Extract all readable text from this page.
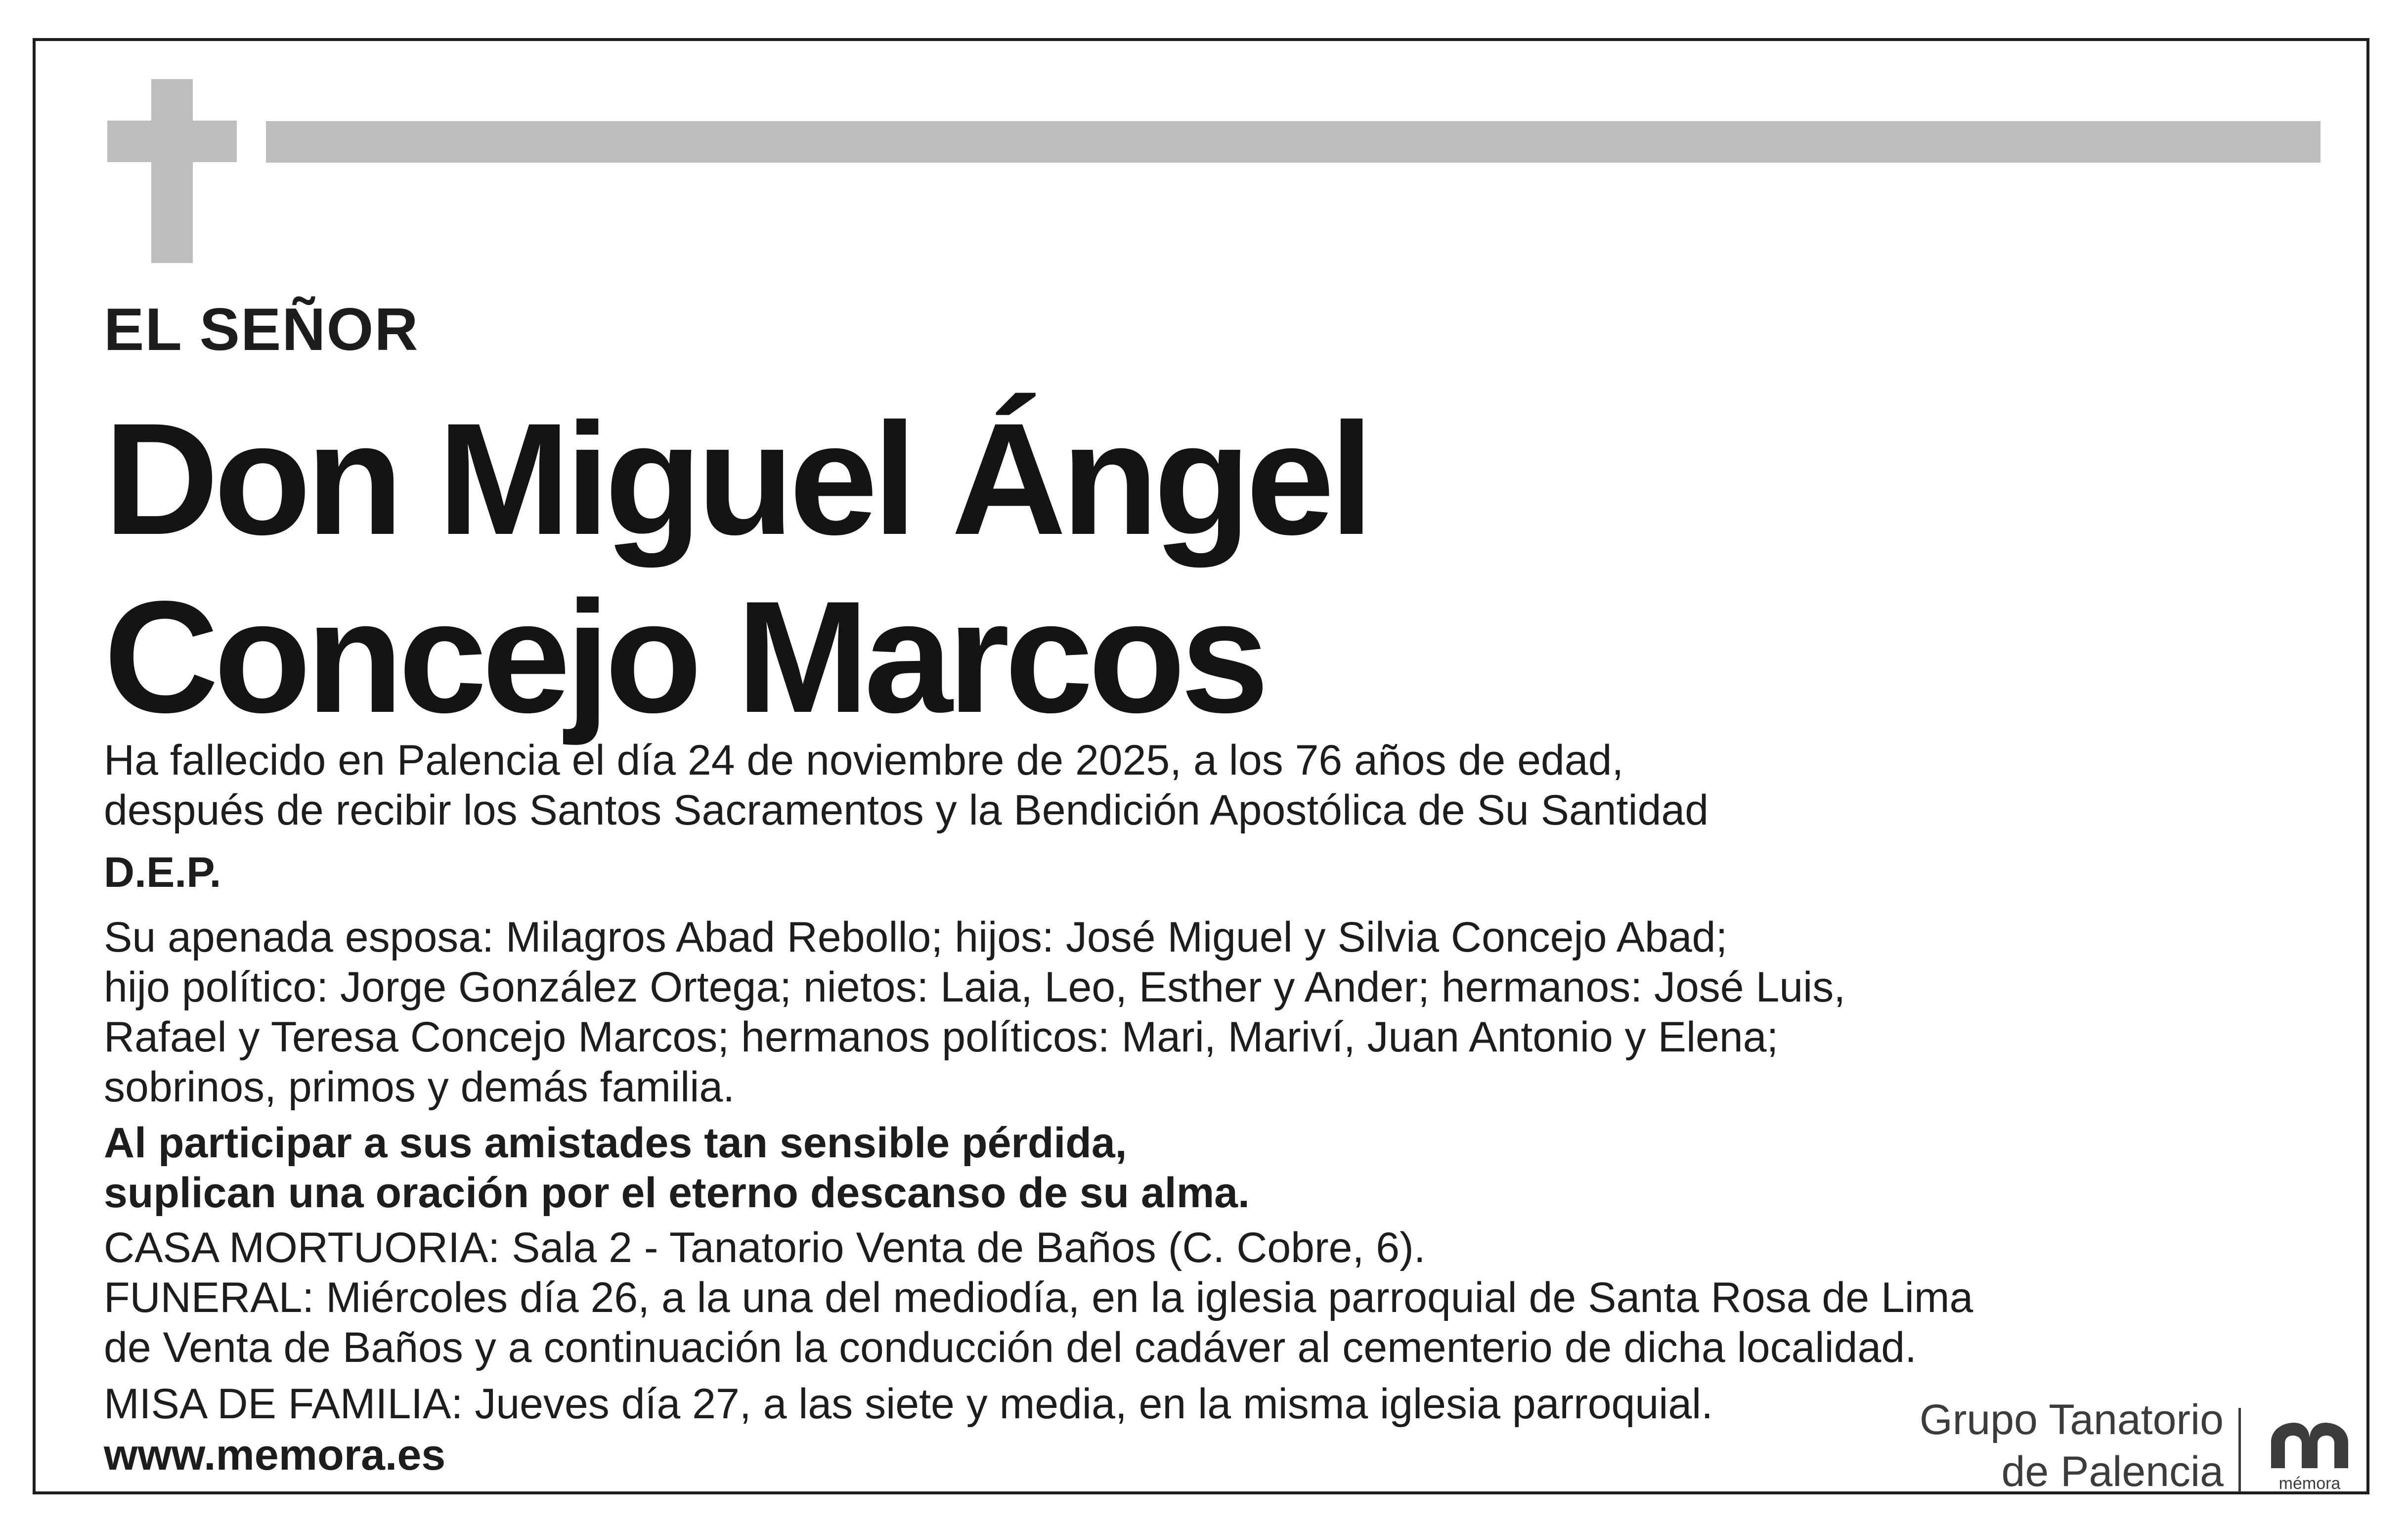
EL SEÑOR

Don Miguel Ángel
Concejo Marcos

Ha fallecido en Palencia el día 24 de noviembre de 2025, a los 76 años de edad,

después de recibir los Santos Sacramentos y la Bendición Apostólica de Su Santidad

D.E.P.

Su apenada esposa: Milagros Abad Rebollo; hijos: José Miguel y Silvia Concejo Abad;

hijo político: Jorge González Ortega; nietos: Laia, Leo, Esther y Ander; hermanos: José Luis,

Rafael y Teresa Concejo Marcos; hermanos políticos: Mari, Mariví, Juan Antonio y Elena;

sobrinos, primos y demás familia.

Al participar a sus amistades tan sensible pérdida,

suplican una oración por el eterno descanso de su alma.

CASA MORTUORIA: Sala 2 - Tanatorio Venta de Baños (C. Cobre, 6).

FUNERAL: Miércoles día 26, a la una del mediodía, en la iglesia parroquial de Santa Rosa de Lima

de Venta de Baños y a continuación la conducción del cadáver al cementerio de dicha localidad.

MISA DE FAMILIA: Jueves día 27, a las siete y media, en la misma iglesia parroquial.

www.memora.es

Grupo Tanatorio
de Palencia	mémora
